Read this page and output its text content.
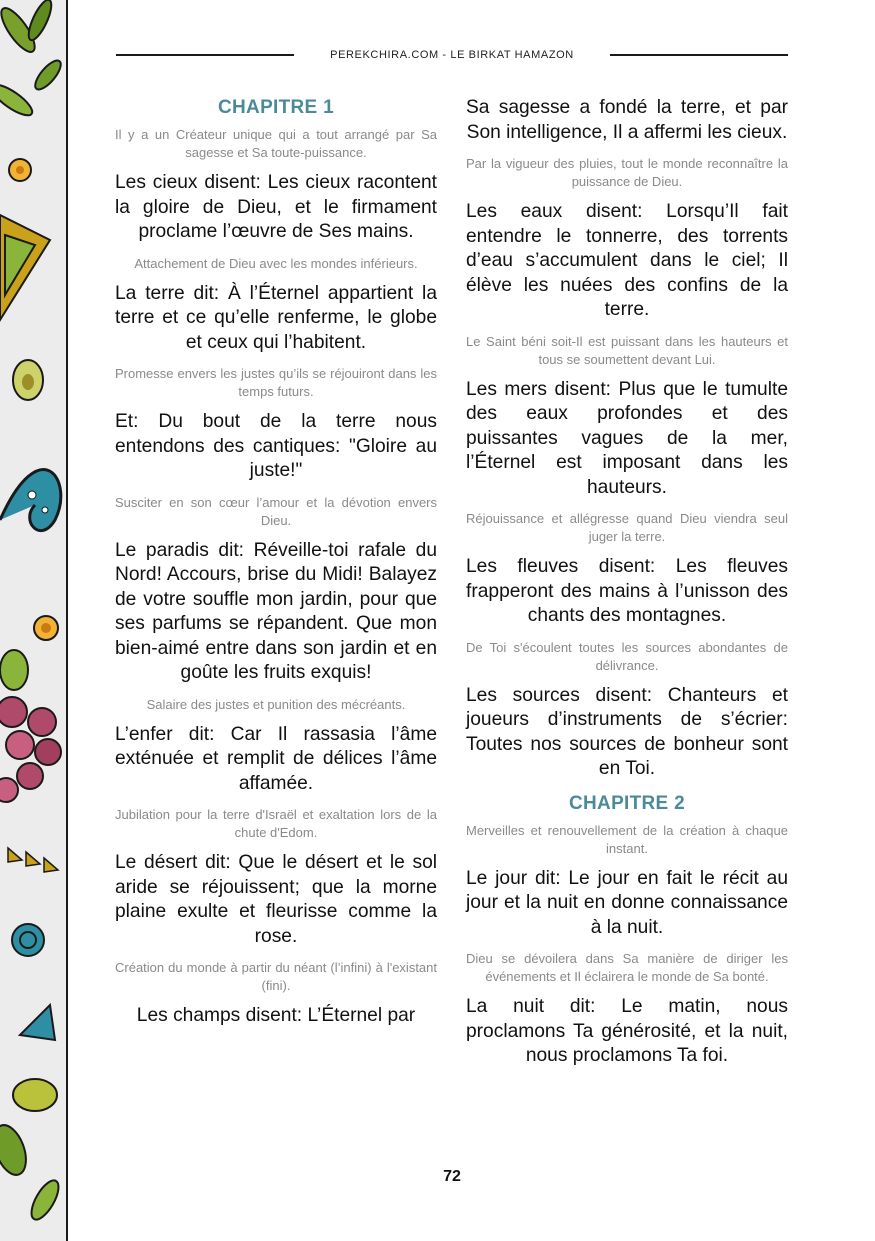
PEREKCHIRA.COM - LE BIRKAT HAMAZON
CHAPITRE 1
Il y a un Créateur unique qui a tout arrangé par Sa sagesse et Sa toute-puissance.
Les cieux disent: Les cieux racontent la gloire de Dieu, et le firmament proclame l’œuvre de Ses mains.
Attachement de Dieu avec les mondes inférieurs.
La terre dit: À l’Éternel appartient la terre et ce qu’elle renferme, le globe et ceux qui l’habitent.
Promesse envers les justes qu’ils se réjouiront dans les temps futurs.
Et: Du bout de la terre nous entendons des cantiques: "Gloire au juste!"
Susciter en son cœur l’amour et la dévotion envers Dieu.
Le paradis dit: Réveille-toi rafale du Nord! Accours, brise du Midi! Balayez de votre souffle mon jardin, pour que ses parfums se répandent. Que mon bien-aimé entre dans son jardin et en goûte les fruits exquis!
Salaire des justes et punition des mécréants.
L’enfer dit: Car Il rassasia l’âme exténuée et remplit de délices l’âme affamée.
Jubilation pour la terre d'Israël et exaltation lors de la chute d'Edom.
Le désert dit: Que le désert et le sol aride se réjouissent; que la morne plaine exulte et fleurisse comme la rose.
Création du monde à partir du néant (l’infini) à l'existant (fini).
Les champs disent: L’Éternel par
Sa sagesse a fondé la terre, et par Son intelligence, Il a affermi les cieux.
Par la vigueur des pluies, tout le monde reconnaître la puissance de Dieu.
Les eaux disent: Lorsqu’Il fait entendre le tonnerre, des torrents d’eau s’accumulent dans le ciel; Il élève les nuées des confins de la terre.
Le Saint béni soit-Il est puissant dans les hauteurs et tous se soumettent devant Lui.
Les mers disent: Plus que le tumulte des eaux profondes et des puissantes vagues de la mer, l’Éternel est imposant dans les hauteurs.
Réjouissance et allégresse quand Dieu viendra seul juger la terre.
Les fleuves disent: Les fleuves frapperont des mains à l’unisson des chants des montagnes.
De Toi s'écoulent toutes les sources abondantes de délivrance.
Les sources disent: Chanteurs et joueurs d’instruments de s’écrier: Toutes nos sources de bonheur sont en Toi.
CHAPITRE 2
Merveilles et renouvellement de la création à chaque instant.
Le jour dit: Le jour en fait le récit au jour et la nuit en donne connaissance à la nuit.
Dieu se dévoilera dans Sa manière de diriger les événements et Il éclairera le monde de Sa bonté.
La nuit dit: Le matin, nous proclamons Ta générosité, et la nuit, nous proclamons Ta foi.
72
